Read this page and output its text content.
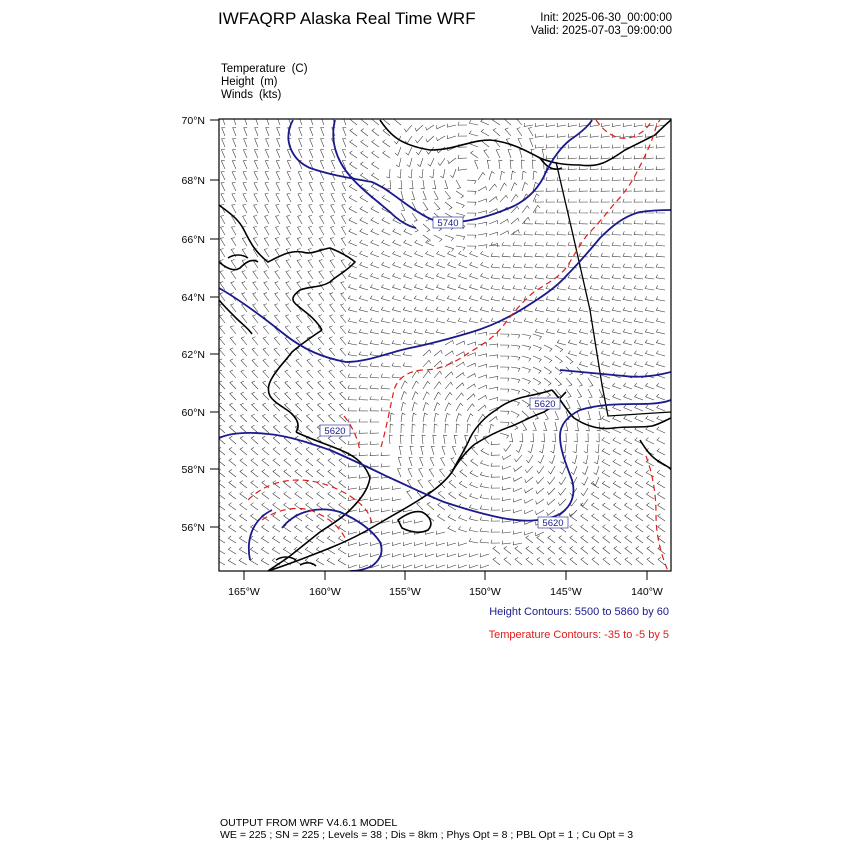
IWFAQRP Alaska Real Time WRF	Init: 2025-06-30_00:00:00
Valid: 2025-07-03_09:00:00
Temperature (C)
Height (m)
Winds (kts)
70°N
68°N
66°N
64°N
62°N
60°N
58°N
56°N
165°W	160°W	155°W	150°W	145°W	140°W
5740
5620
5620
5620
Height Contours: 5500 to 5860 by 60
Temperature Contours: -35 to -5 by 5
OUTPUT FROM WRF V4.6.1 MODEL
WE = 225 ; SN = 225 ; Levels = 38 ; Dis = 8km ; Phys Opt = 8 ; PBL Opt = 1 ; Cu Opt = 3
